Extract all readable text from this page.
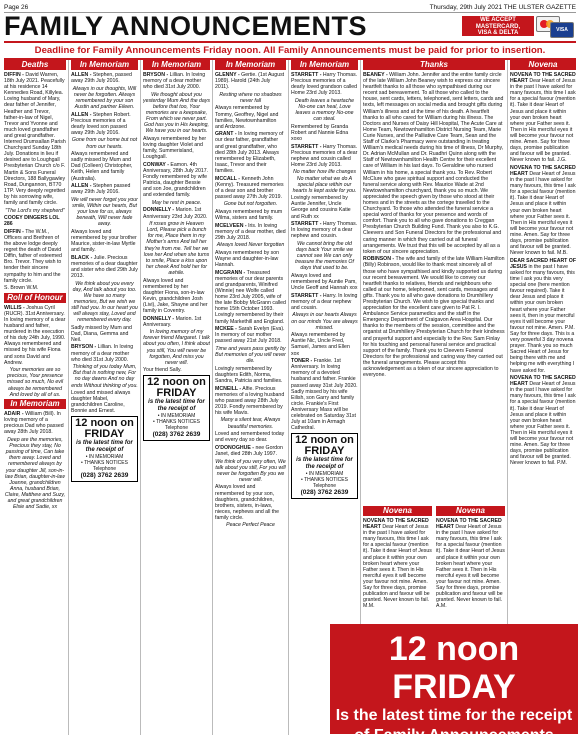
Page 26	Thursday, 29th July 2021 THE ULSTER GAZETTE
FAMILY ANNOUNCEMENTS	WE ACCEPT
MASTERCARD,
VISA & DELTA
VISA
Deadline for Family Announcements Friday noon. All Family Announcements must be paid for prior to insertion.
Deaths

DIFFIN - David Warren, 18th July 2021. Peacefully at his residence 14 Kennedies Road, Killylea. Loving husband of Mary, dear father of Jennifer, Heather and Trevor, father-in-law of Nigel, Trevor and Yvonne and much loved grandfather and great grandfather. Interred Drumsallan Parish Churchyard Sunday 18th July. Donations in lieu if desired are to Loughgall Presbyterian Church c/o F. Martin & Sons Funeral Directors, 188 Ballygawley Road, Dungannon, BT70 1TP. Very deeply regretted by his sorrowing wife, family and family circle.

"The Lord's my shepherd"

COOEY DINGERS LOL 286

DIFFIN - The W.M., Officers and Brethren of the above lodge deeply regret the death of David Diffin, father of esteemed Bro. Trevor. They wish to tender their sincere sympathy to him and the family circle.

S. Brown W.M.

Roll of Honour

WILLIS - Joshua Cyril (RUCR). 31st Anniversary. In loving memory of a dear husband and father, murdered in the execution of his duty 24th July, 1990. Always remembered and missed by his wife Fiona and sons David and Andrew.

Your memories are so precious, Your presence missed so much, No evil always be remembered And loved by all of us.

In Memoriam

ADAIR - William (Bill). In loving memory of a precious Dad who passed away 28th July 2018.

Deep are the memories, Precious they stay, No passing of time, Can take them away. Loved and remembered always by your daughter Jill, son-in-law Brian, daughter-in-law Joanne, grandchildren Anna, husband Brian, Claire, Matthew and Suzy, and great grandchildren Elsie and Sadie, xx

In Memoriam

ALLEN - Stephen, passed away 29th July 2016.

Always in our thoughts, Will never be forgotten. Always remembered by your son Austin and partner Eileen.

ALLEN - Stephen Robert. Precious memories of a dearly loved son passed away 29th July 2016.

Gone from our home but not from our hearts.

Always remembered and sadly missed by Mum and Dad (Colleen) Christopher, Keith, Helen and family (Australia).

ALLEN - Stephen passed away 29th July 2016.

We will never forget you your smile, Within our hearts, But your love for us, always beneath, Will never fade away.

Always loved and remembered by your brother Maurice, sister-in-law Myrtle and family.

BLACK - Julie. Precious memories of a dear daughter and sister who died 29th July 2013.

We think about you every day, And talk about you too. We have so many memories, But we wish we still had you. In our heart you will always stay, Loved and remembered every day.

Sadly missed by Mum and Dad, Diana, Gemma and Neil.

BRYSON - Lillian. In loving memory of a dear mother who died 31st July 2000.

Thinking of you today Mum, But that is nothing new, For no day dawns And no day ends Without thinking of you.

Loved and missed always daughter Mabel, grandchildren Caroline, Bonnie and Ernest.

12 noon on
FRIDAY
is the latest time for the receipt of
• IN MEMORIAM
• THANKS NOTICES
Telephone
(028) 3762 2639
In Memoriam

BRYSON - Lillian. In loving memory of a dear mother who died 31st July 2000.

We thought about you yesterday Mum And the days before that too, Your memories are a keepsake, From which we never part. God has you in His keeping, We have you in our hearts.

Always remembered by her loving daughter Violet and family, Summerisland, Loughgall.

CONWAY - Eamon. 4th Anniversary, 28th July 2017. Fondly remembered by wife Patricia, daughter Bessie and son Joe, grandchildren and extended family.

May he rest in peace.

DONNELLY - Marion. 1st Anniversary 23rd July 2020.

If roses grow in Heaven Lord, Please pick a bunch for me, Place them in my Mother's arms And tell her they're from me. Tell her we love her And when she turns to smile, Place a kiss upon her cheek And hold her for awhile.

Always loved and remembered by her daughter Fiona, son-in-law Kevin, grandchildren Josh (Livi), Jake, Shayne and her family in Coventry.

DONNELLY - Marion. 1st Anniversary.

In loving memory of my forever friend Margaret. I talk about you often, I think about you still, You will never be forgotten, And miss you never will.

Your friend Sally.

12 noon on
FRIDAY
is the latest time for the receipt of
• IN MEMORIAM
• THANKS NOTICES
Telephone
(028) 3762 2639
In Memoriam

GLENNY - Gertie. (1st August 1989). Harold (24th July 2011).

Resting where no shadows never fall

Always remembered by Tommy, Geoffrey, Nigel and families, Newtownhamilton and Ardzone.

GRANT - In loving memory of our dear father, grandfather and great grandfather, who died 28th July 2013. Always remembered by Elizabeth, Isaac, Trevor and their families.

MCCALL - Kenneth John (Kenny). Treasured memories of a dear son and brother passed away 27th July 2019.

Gone but not forgotten.

Always remembered by mum Wilma, sisters and family.

MCELVEEN - Iris. In loving memory of a dear mother, died 29th July 2018.

Always loved Never forgotten

Always remembered by son Wayne and daughter-in-law Hannah.

MCGRANN - Treasured memories of our dear parents and grandparents, Winifred (Winnie) nee Wolfe called home 23rd July 2005, wife of the late Bobby McGrann called home 15th October 1993. Lovingly remembered by their family Markethill and England.

MCKEE - Sarah Evelyn (Eva). In memory of our mother passed away 21st July 2018.

Time and years pass gently by But memories of you will never die.

Lovingly remembered by daughters Edith, Norma, Sandra, Patricia and families.

MCNEILL - Alfie. Precious memories of a loving husband who passed away 28th July 2019. Fondly remembered by his wife Mavis.

Many a silent tear, Always beautiful memories.

Loved and remembered today and every day so dear.

O'DONOGHUE - nee Gordon Janet, died 28th July 1997.

We think of you very often, We talk about you still, For you will never be forgotten By you we never will.

Always loved and remembered by your son, daughters, grandchildren, brothers, sisters, in-laws, nieces, nephews and all the family circle.

Peace Perfect Peace

In Memoriam

STARRETT - Harry Thomas. Precious memories of a dearly loved grandson called Home 23rd July 2013.

Death leaves a heartache No-one can heal, Love leaves a memory No-one can steal.

Remembered by Granda Robert and Nannie Edna xoxo

STARRETT - Harry Thomas. Precious memories of a dear nephew and cousin called Home 23rd July 2013.

No matter how life changes No matter what we do A special place within our hearts Is kept aside for you.

Lovingly remembered by Auntie Jennifer, Uncle George and cousins Katie and Ruth xx

STARRETT - Harry Thomas. In loving memory of a dear nephew and cousin.

We cannot bring the old days back Your smile we cannot see We can only treasure the memories Of days that used to be.

Always loved and remembered by Auntie Pam, Uncle Geoff and Hannah xox

STARRETT - Harry. In loving memory of a dear nephew and cousin.

Always in our hearts Always on our minds You are always missed.

Always remembered by Auntie Nic, Uncle Fred, Samuel, James and Ellen xox

TONER - Frankie. 1st Anniversary. In loving memory of a devoted husband and father. Frankie passed away 31st July 2020. Sadly missed by his wife Eilish, son Garry and family circle. Frankie's First Anniversary Mass will be celebrated on Saturday 31st July at 10am in Armagh Cathedral.

12 noon on
FRIDAY
is the latest time for the receipt of
• IN MEMORIAM
• THANKS NOTICES
Telephone
(028) 3762 2639
Thanks

BEANEY - William John. Jennifer and the entire family circle of the late William John Beaney wish to express our sincere heartfelt thanks to all those who sympathised during our recent sad bereavement. To all those who called to the house, sent cards, letters, telephoned, sent letters, cards and texts, left messages on social media and brought gifts during William's illness and at the time of his death. A heartfelt thanks to all who cared for William during his illness. The Doctors and Nurses of Daisy Hill Hospital, The Acute Care at Home Team, Newtownhamilton District Nursing Team, Marie Curie Nurses, and the Palliative Care Team, Sean and the Staff of Clarke's Pharmacy were outstanding in treating William's medical needs during his time of illness, Dr Murphy, Dr. Adrian McMullan and Dr. Ruadhri Quinn along with the Staff of Newtownhamilton Health Centre for their excellent care of William in his last days. To Geraldine who nursed William in his home, a special thank you. To Rev. Robert McClure who gave spiritual support and conducted the funeral service along with Rev. Maurice Wade at 2nd Newtownhamilton churchyard, thank you so much. We appreciated the speech given by those who stood at their homes and in the streets as the cortege travelled to the Churchyard. To those who attended the funeral service a special word of thanks for your presence and words of comfort. Thank you to all who gave donations to Creggan Presbyterian Church Building Fund. Thank you also to K.G. Cleevers and Son Funeral Directors for the professional and caring manner in which they carried out all funeral arrangements. We trust that this will be accepted by all as a token of our sincere appreciation.

ROBINSON - The wife and family of the late William Hamilton (Billy) Robinson, would like to thank most sincerely all of those who have sympathised and kindly supported us during our recent bereavement. We would like to convey our heartfelt thanks to relatives, friends and neighbours who called at our home, telephoned, sent cards, messages and gifts. Thank you to all who gave donations to Drumhillery Presbyterian Church. We wish to give special thanks and appreciation for the excellent care given to Pat R. I. Ambulance Service paramedics and the staff in the Emergency Department of Craigavon Area Hospital. Our thanks to the members of the session, committee and the organist at Drumhillery Presbyterian Church for their kindness and prayerful support and especially to the Rev. Sam Finlay for his touching and personal funeral service and practical support of the family. Thank you to Cleevers Funeral Directors for the professional and caring way they carried out the funeral arrangements. Please accept this acknowledgement as a token of our sincere appreciation to everyone.

Novena

NOVENA TO THE SACRED HEART Dear Heart of Jesus in the past I have asked for many favours, this time I ask for a special favour (mention it). Take it dear Heart of Jesus and place it within your own broken heart where your Father sees it. Then in His merciful eyes it will become your favour not mine. Amen. Say for three days, promise publication and favour will be granted. Never known to fail. M.M.

Novena

NOVENA TO THE SACRED HEART Dear Heart of Jesus in the past I have asked for many favours, this time I ask for a special favour (mention it). Take it dear Heart of Jesus and place it within your own broken heart where your Father sees it. Then in His merciful eyes it will become your favour not mine. Amen. Say for three days, promise publication and favour will be granted. Never known to fail. A.M.

Novena

NOVENA TO THE SACRED HEART Dear Heart of Jesus in the past I have asked for many favours, this time I ask for a special favour (mention it). Take it dear Heart of Jesus and place it within your own broken heart where your Father sees it. Then in His merciful eyes it will become your favour not mine. Amen. Say for three days, promise publication and favour will be granted. Never known to fail. J.G.

NOVENA TO THE SACRED HEART Dear Heart of Jesus in the past I have asked for many favours, this time I ask for a special favour (mention it). Take it dear Heart of Jesus and place it within your own broken heart where your Father sees it. Then in His merciful eyes it will become your favour not mine. Amen. Say for three days, promise publication and favour will be granted. Never known to fail. M.B.

DEAR SACRED HEART OF JESUS in the past I have asked for many favours, this time I ask you this very special one (here mention favour required). Take it dear Jesus and place it within your own broken heart where your Father sees it, then in your merciful eyes it will become your favour not mine. Amen. P.M. Say for three days. This is a very powerful 3 day novena prayer. Thank you so much Sacred Heart of Jesus for being there with me and helping me with everything I have asked for.

NOVENA TO THE SACRED HEART Dear Heart of Jesus in the past I have asked for many favours, this time I ask for a special favour (mention it). Take it dear Heart of Jesus and place it within your own broken heart where your Father sees it. Then in His merciful eyes it will become your favour not mine. Amen. Say for three days, promise publication and favour will be granted. Never known to fail. P.M.

12 noon FRIDAY
Is the latest time for the receipt
of Family Announcements
